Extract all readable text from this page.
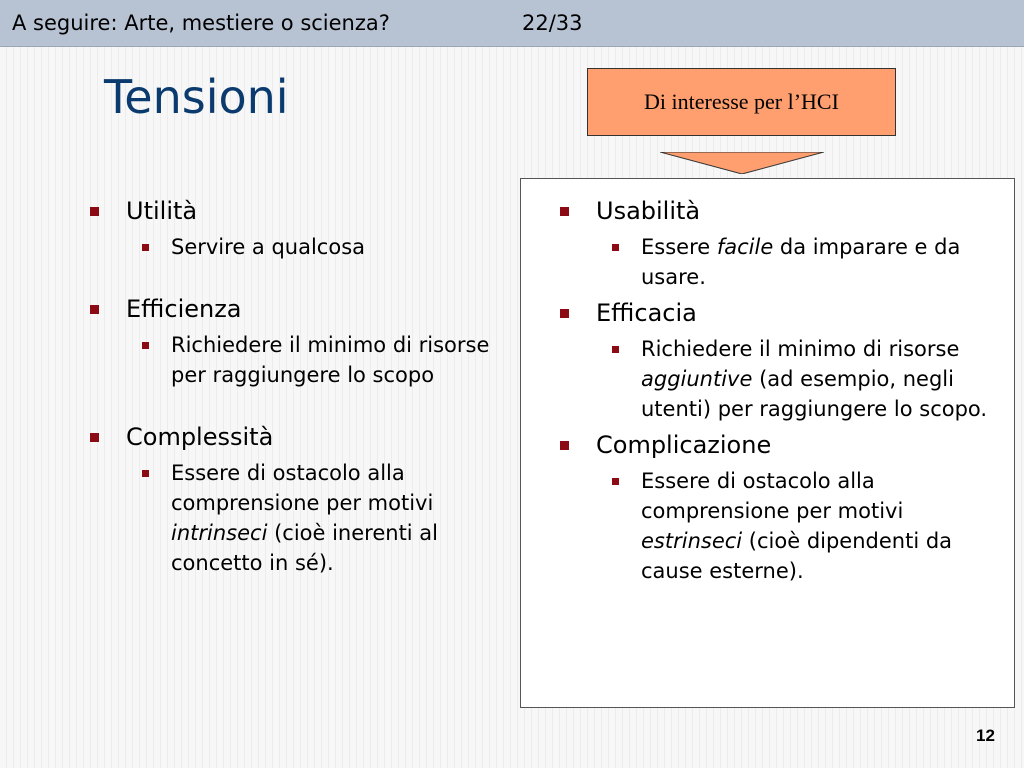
A seguire: Arte, mestiere o scienza?	22/33
Tensioni	Di interesse per l’HCI
Utilità
Servire a qualcosa
Efficienza
Richiedere il minimo di risorse per raggiungere lo scopo
Complessità
Essere di ostacolo alla comprensione per motivi intrinseci (cioè inerenti al concetto in sé).
Usabilità
Essere facile da imparare e da usare.
Efficacia
Richiedere il minimo di risorse aggiuntive (ad esempio, negli utenti) per raggiungere lo scopo.
Complicazione
Essere di ostacolo alla comprensione per motivi estrinseci (cioè dipendenti da cause esterne).
12
